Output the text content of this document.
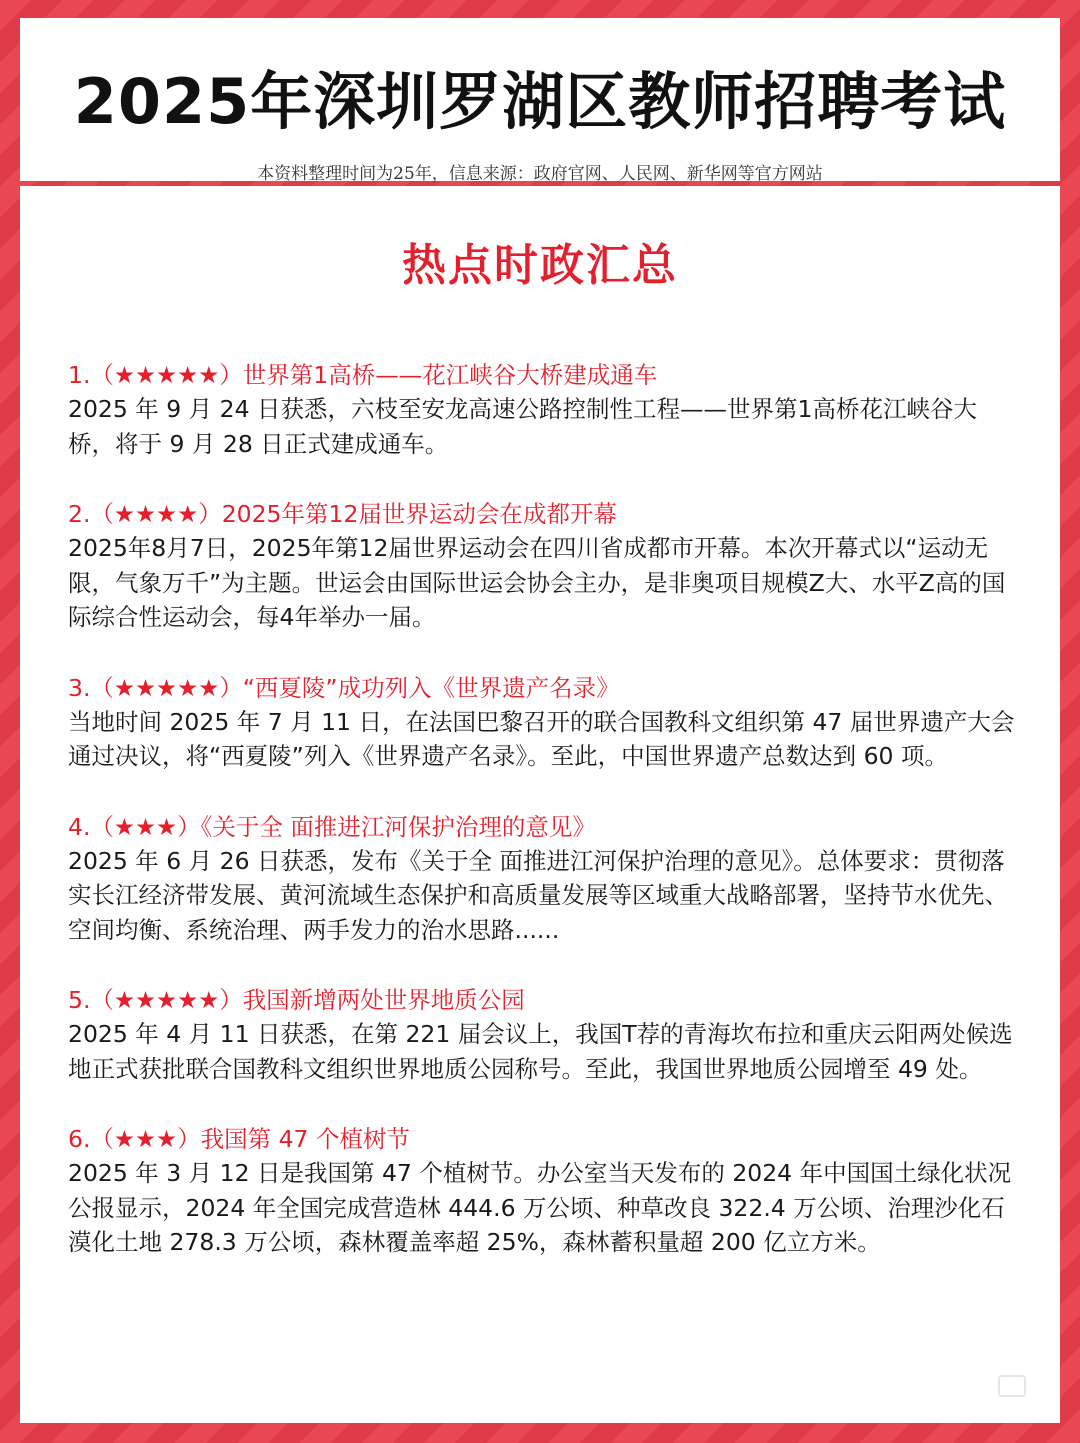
2025年深圳罗湖区教师招聘考试
本资料整理时间为25年，信息来源：政府官网、人民网、新华网等官方网站
热点时政汇总
1.（★★★★★）世界第1高桥——花江峡谷大桥建成通车
2025 年 9 月 24 日获悉，六枝至安龙高速公路控制性工程——世界第1高桥花江峡谷大桥，将于 9 月 28 日正式建成通车。
2.（★★★★）2025年第12届世界运动会在成都开幕
2025年8月7日，2025年第12届世界运动会在四川省成都市开幕。本次开幕式以“运动无限，气象万千”为主题。世运会由国际世运会协会主办，是非奥项目规模Z大、水平Z高的国际综合性运动会，每4年举办一届。
3.（★★★★★）“西夏陵”成功列入《世界遗产名录》
当地时间 2025 年 7 月 11 日，在法国巴黎召开的联合国教科文组织第 47 届世界遗产大会通过决议，将“西夏陵”列入《世界遗产名录》。至此，中国世界遗产总数达到 60 项。
4.（★★★）《关于全 面推进江河保护治理的意见》
2025 年 6 月 26 日获悉，发布《关于全 面推进江河保护治理的意见》。总体要求：贯彻落实长江经济带发展、黄河流域生态保护和高质量发展等区域重大战略部署，坚持节水优先、空间均衡、系统治理、两手发力的治水思路......
5.（★★★★★）我国新增两处世界地质公园
2025 年 4 月 11 日获悉，在第 221 届会议上，我国T荐的青海坎布拉和重庆云阳两处候选地正式获批联合国教科文组织世界地质公园称号。至此，我国世界地质公园增至 49 处。
6.（★★★）我国第 47 个植树节
2025 年 3 月 12 日是我国第 47 个植树节。办公室当天发布的 2024 年中国国土绿化状况公报显示，2024 年全国完成营造林 444.6 万公顷、种草改良 322.4 万公顷、治理沙化石漠化土地 278.3 万公顷，森林覆盖率超 25%，森林蓄积量超 200 亿立方米。
